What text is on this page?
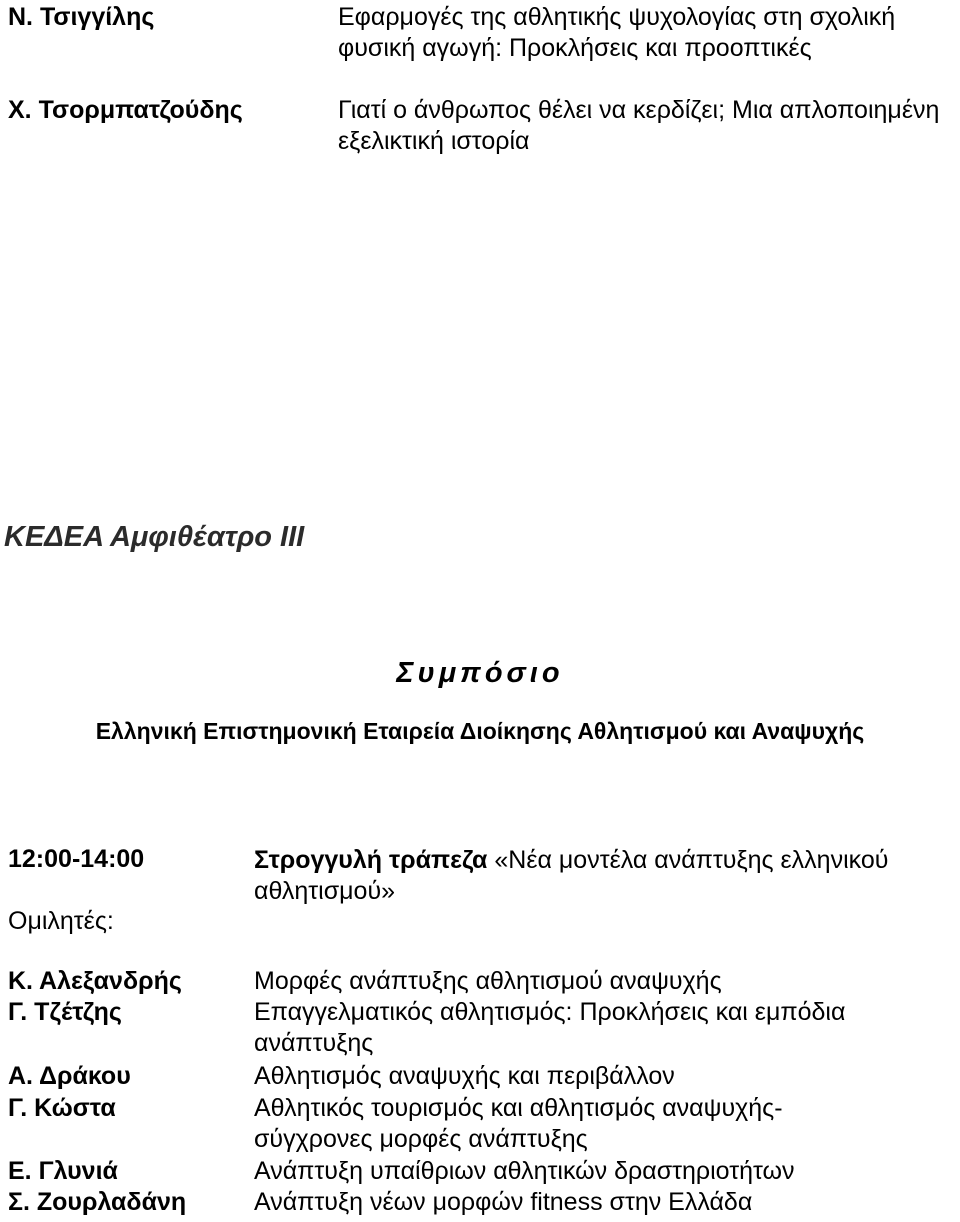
Ν. Τσιγγίλης	Εφαρμογές της αθλητικής ψυχολογίας στη σχολική φυσική αγωγή: Προκλήσεις και προοπτικές
Χ. Τσορμπατζούδης	Γιατί ο άνθρωπος θέλει να κερδίζει; Μια απλοποιημένη εξελικτική ιστορία
ΚΕΔΕΑ Αμφιθέατρο ΙΙΙ
Συμπόσιο
Ελληνική Επιστημονική Εταιρεία Διοίκησης Αθλητισμού και Αναψυχής
12:00-14:00	Στρογγυλή τράπεζα «Νέα μοντέλα ανάπτυξης ελληνικού αθλητισμού»
Ομιλητές:
Κ. Αλεξανδρής	Μορφές ανάπτυξης αθλητισμού αναψυχής
Γ. Τζέτζης	Επαγγελματικός αθλητισμός: Προκλήσεις και εμπόδια ανάπτυξης
Α. Δράκου	Αθλητισμός αναψυχής και περιβάλλον
Γ. Κώστα	Αθλητικός τουρισμός και αθλητισμός αναψυχής-σύγχρονες μορφές ανάπτυξης
Ε. Γλυνιά	Ανάπτυξη υπαίθριων αθλητικών δραστηριοτήτων
Σ. Ζουρλαδάνη	Ανάπτυξη νέων μορφών fitness στην Ελλάδα
